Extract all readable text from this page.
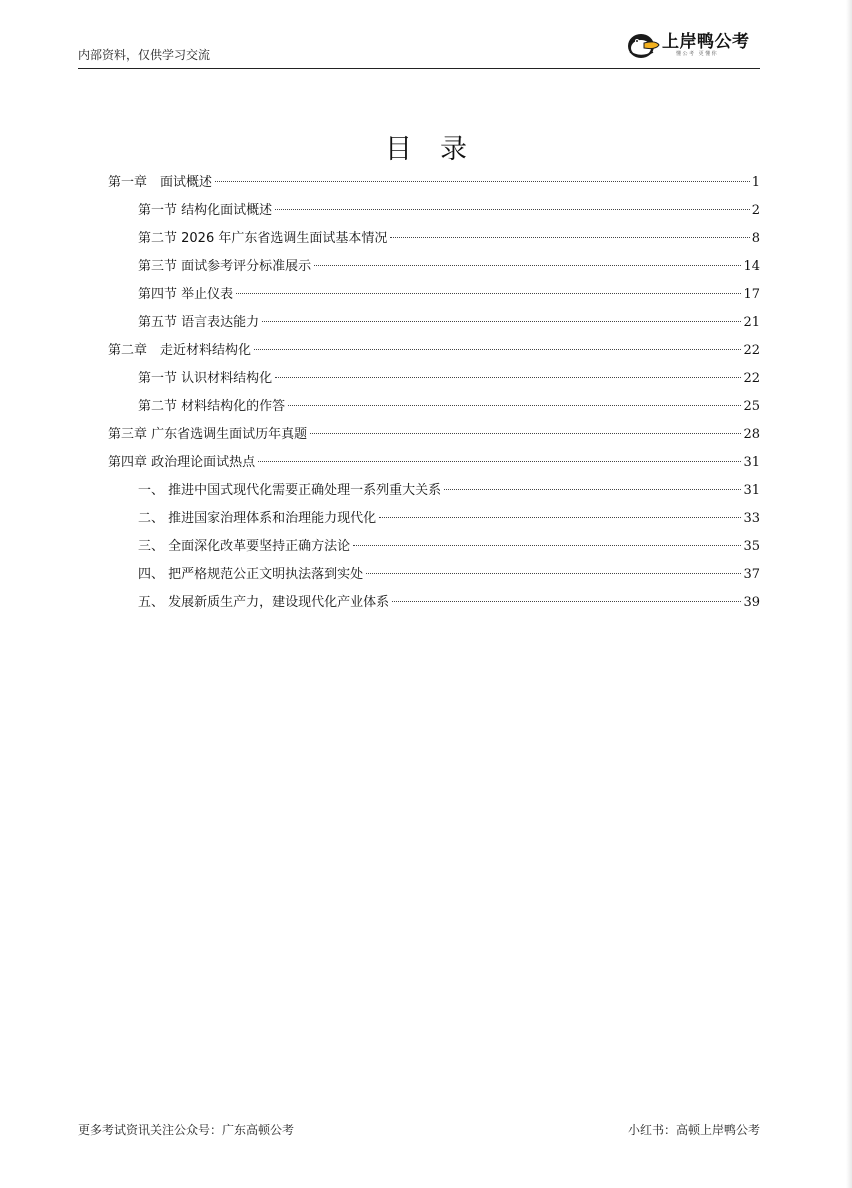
内部资料，仅供学习交流
上岸鸭公考
懂公考 更懂你
目录
第一章　面试概述	1
第一节 结构化面试概述	2
第二节 2026 年广东省选调生面试基本情况	8
第三节 面试参考评分标准展示	14
第四节 举止仪表	17
第五节 语言表达能力	21
第二章　走近材料结构化	22
第一节 认识材料结构化	22
第二节 材料结构化的作答	25
第三章 广东省选调生面试历年真题	28
第四章 政治理论面试热点	31
一、 推进中国式现代化需要正确处理一系列重大关系	31
二、 推进国家治理体系和治理能力现代化	33
三、 全面深化改革要坚持正确方法论	35
四、 把严格规范公正文明执法落到实处	37
五、 发展新质生产力，建设现代化产业体系	39
更多考试资讯关注公众号：广东高顿公考	小红书：高顿上岸鸭公考
